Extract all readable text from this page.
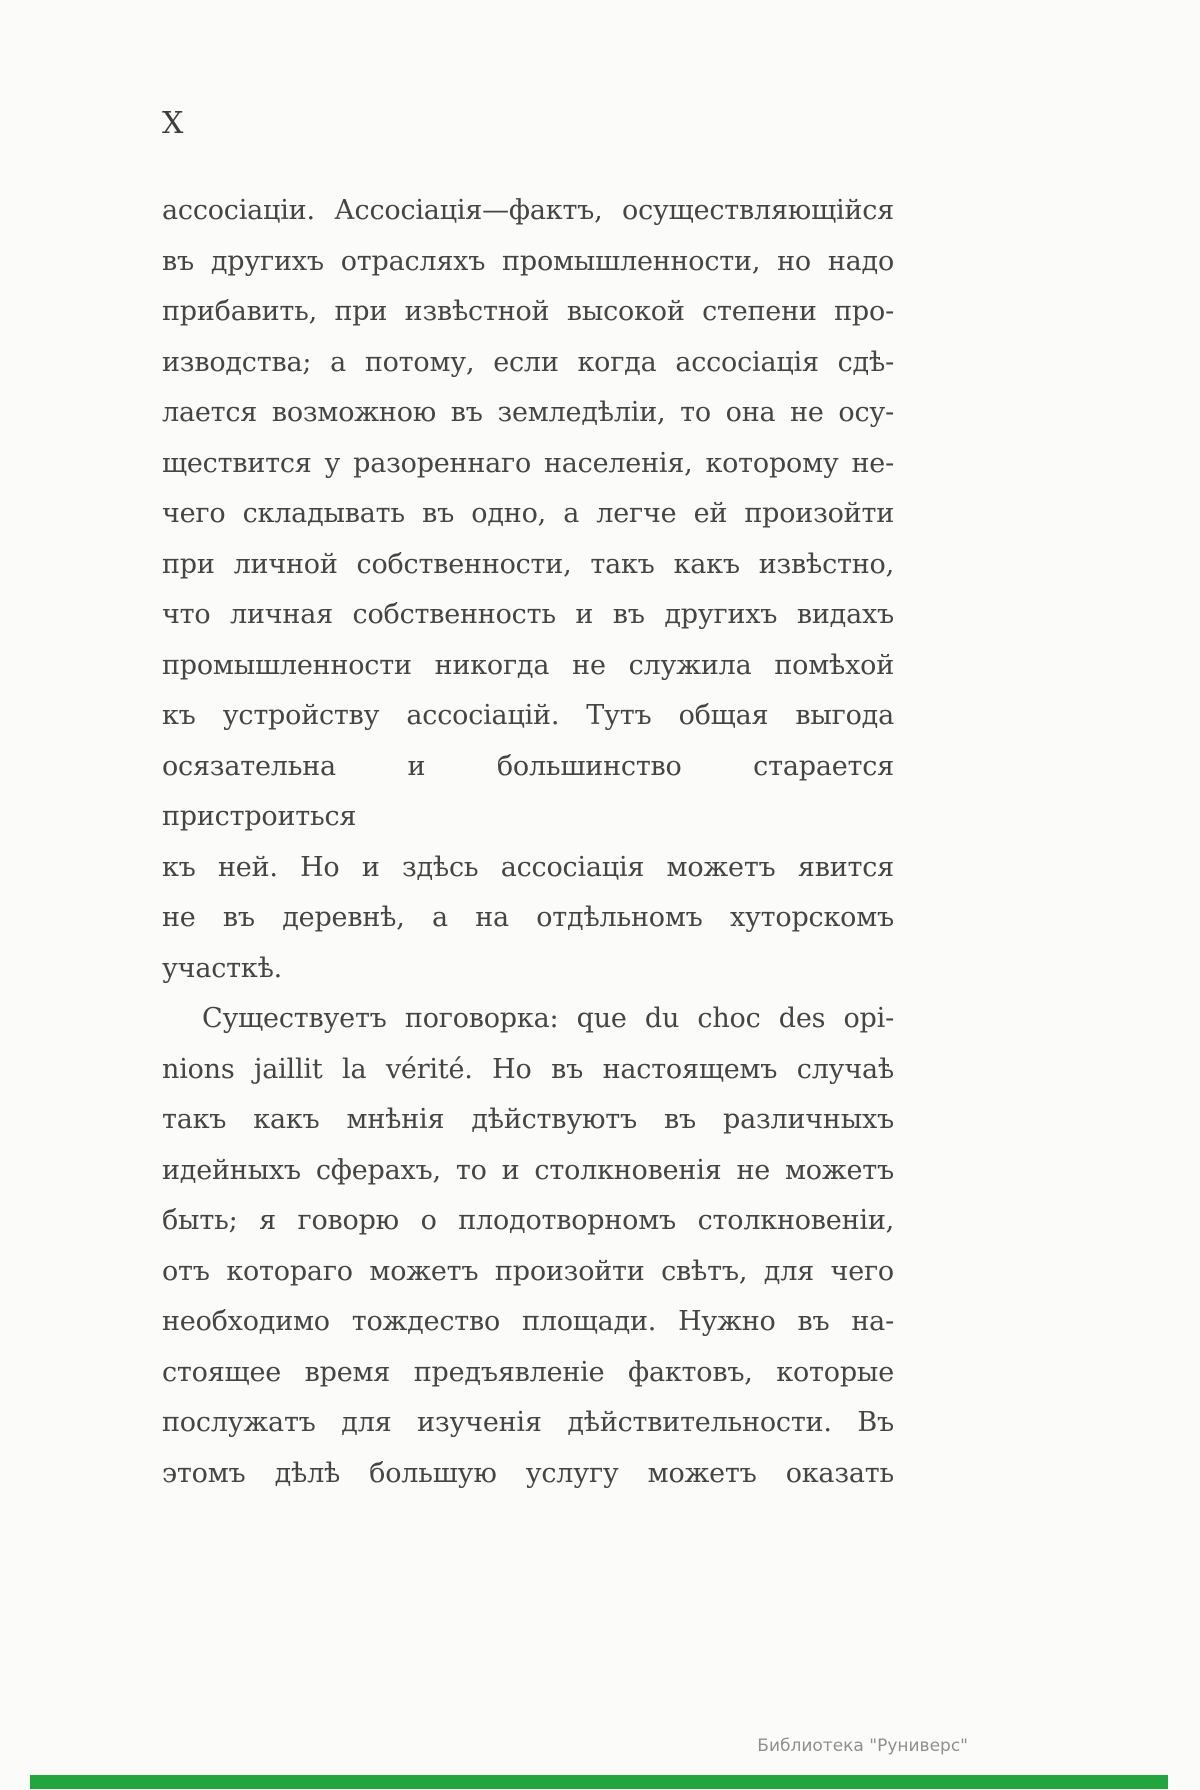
X
ассосіаціи. Ассосіація—фактъ, осуществляющійся
въ другихъ отрасляхъ промышленности, но надо
прибавить, при извѣстной высокой степени про-
изводства; а потому, если когда ассосіація сдѣ-
лается возможною въ земледѣліи, то она не осу-
ществится у разореннаго населенія, которому не-
чего складывать въ одно, а легче ей произойти
при личной собственности, такъ какъ извѣстно,
что личная собственность и въ другихъ видахъ
промышленности никогда не служила помѣхой
къ устройству ассосіацій. Тутъ общая выгода
осязательна и большинство старается пристроиться
къ ней. Но и здѣсь ассосіація можетъ явится
не въ деревнѣ, а на отдѣльномъ хуторскомъ
участкѣ.
Существуетъ поговорка: que du choc des opi-
nions jaillit la vérité. Но въ настоящемъ случаѣ
такъ какъ мнѣнія дѣйствуютъ въ различныхъ
идейныхъ сферахъ, то и столкновенія не можетъ
быть; я говорю о плодотворномъ столкновеніи,
отъ котораго можетъ произойти свѣтъ, для чего
необходимо тождество площади. Нужно въ на-
стоящее время предъявленіе фактовъ, которые
послужатъ для изученія дѣйствительности. Въ
этомъ дѣлѣ большую услугу можетъ оказать
Библиотека "Руниверс"
